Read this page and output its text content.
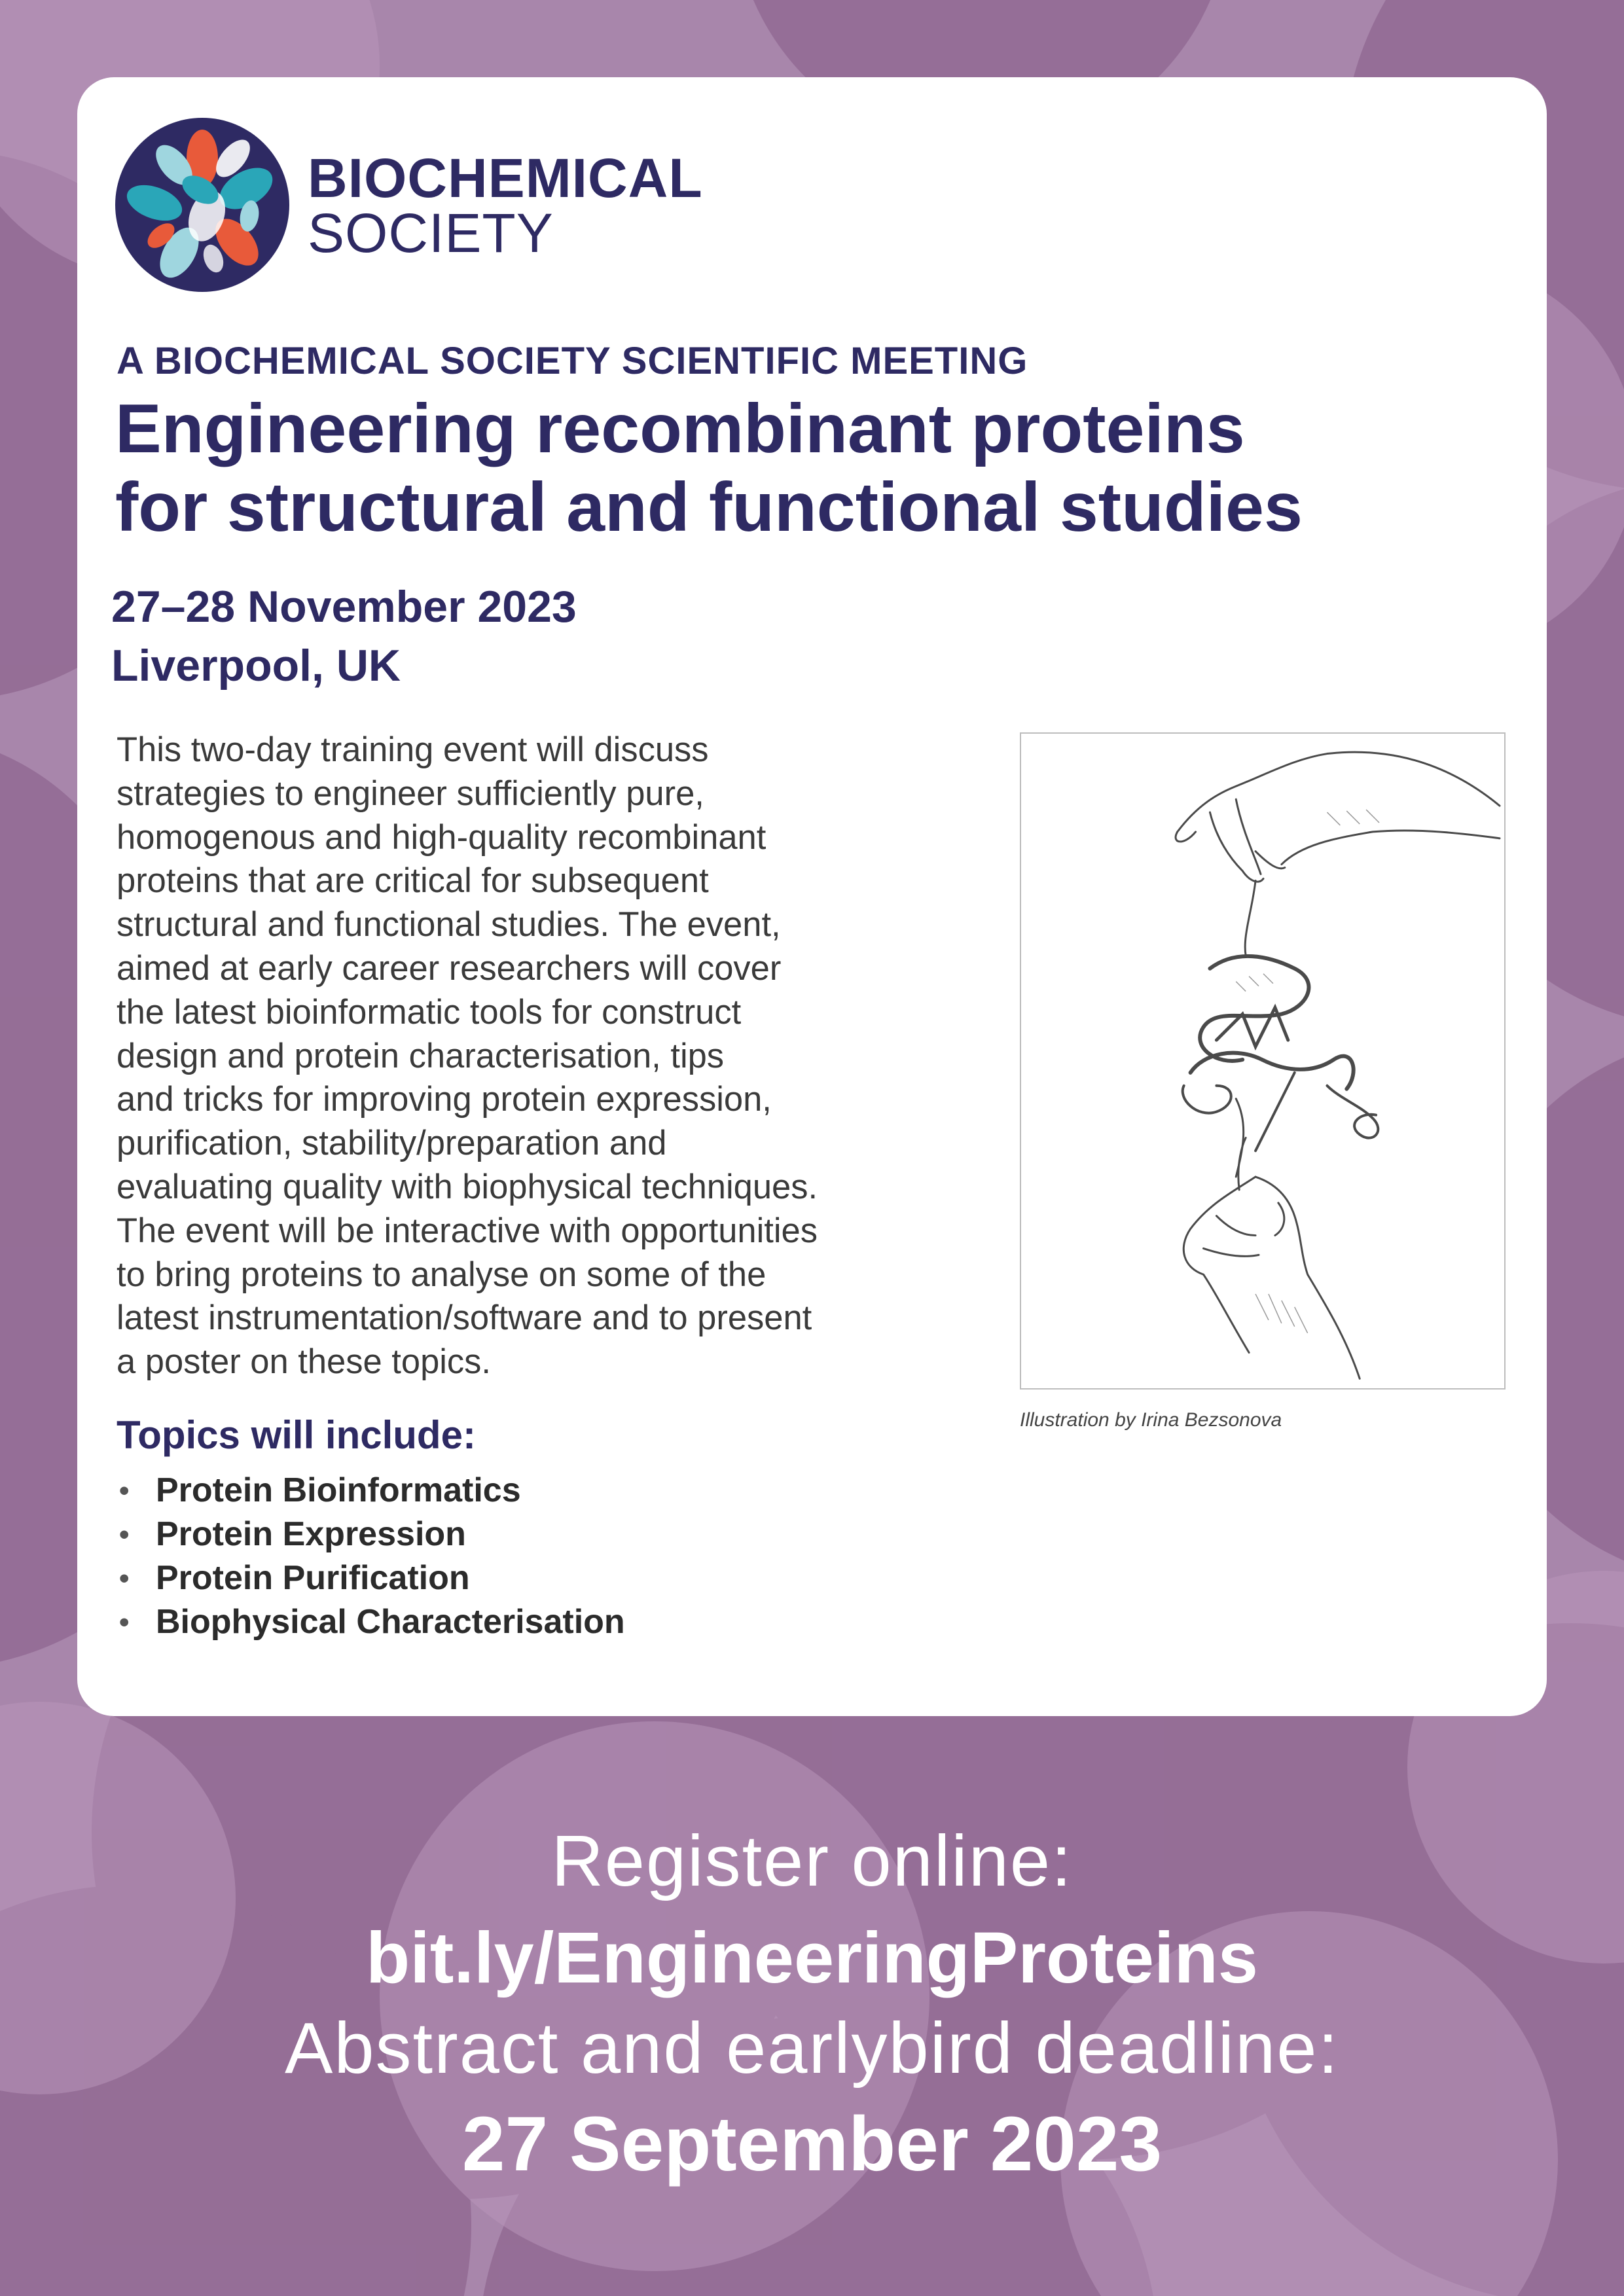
BIOCHEMICAL
SOCIETY
A BIOCHEMICAL SOCIETY SCIENTIFIC MEETING
Engineering recombinant proteins
for structural and functional studies
27–28 November 2023
Liverpool, UK

This two-day training event will discuss
strategies to engineer sufficiently pure,
homogenous and high-quality recombinant
proteins that are critical for subsequent
structural and functional studies. The event,
aimed at early career researchers will cover
the latest bioinformatic tools for construct
design and protein characterisation, tips
and tricks for improving protein expression,
purification, stability/preparation and
evaluating quality with biophysical techniques.
The event will be interactive with opportunities
to bring proteins to analyse on some of the
latest instrumentation/software and to present
a poster on these topics.

Topics will include:
• Protein Bioinformatics
• Protein Expression
• Protein Purification
• Biophysical Characterisation
Illustration by Irina Bezsonova
Register online:
bit.ly/EngineeringProteins
Abstract and earlybird deadline:
27 September 2023
